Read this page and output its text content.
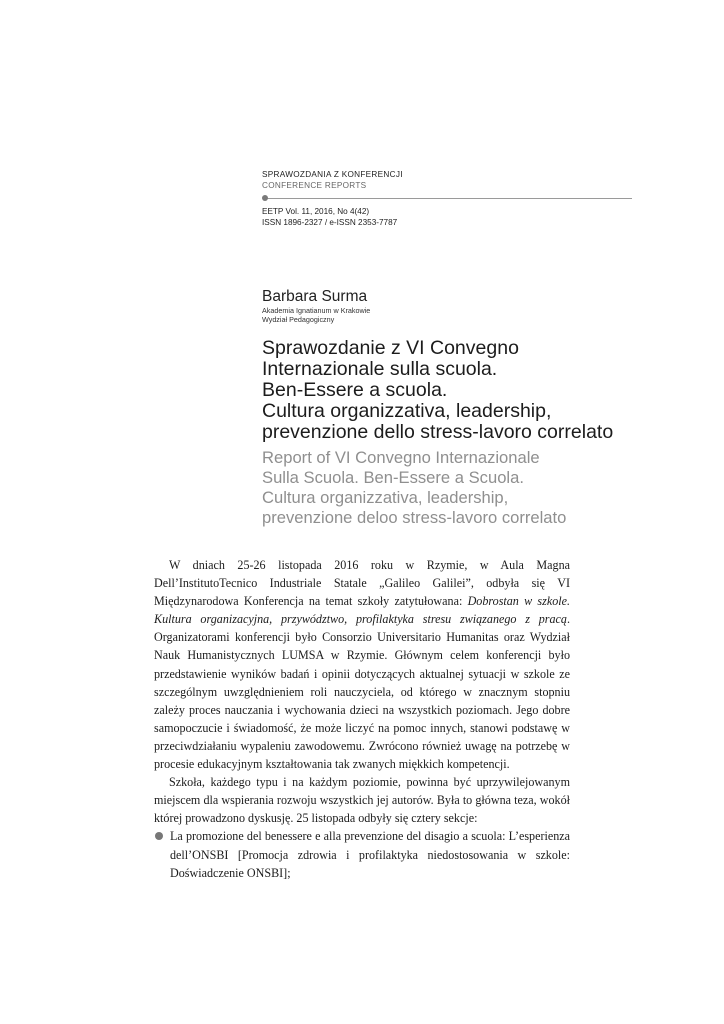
SPRAWOZDANIA Z KONFERENCJI
CONFERENCE REPORTS
EETP Vol. 11, 2016, No 4(42)
ISSN 1896-2327 / e-ISSN 2353-7787
Barbara Surma
Akademia Ignatianum w Krakowie
Wydział Pedagogiczny
Sprawozdanie z VI Convegno
Internazionale sulla scuola.
Ben-Essere a scuola.
Cultura organizzativa, leadership,
prevenzione dello stress-lavoro correlato
Report of VI Convegno Internazionale
Sulla Scuola. Ben-Essere a Scuola.
Cultura organizzativa, leadership,
prevenzione deloo stress-lavoro correlato

W dniach 25-26 listopada 2016 roku w Rzymie, w Aula Magna Dell’InstitutoTecnico Industriale Statale „Galileo Galilei”, odbyła się VI Międzynarodowa Konferencja na temat szkoły zatytułowana: Dobrostan w szkole. Kultura organizacyjna, przywództwo, profilaktyka stresu związanego z pracą. Organizatorami konferencji było Consorzio Universitario Humanitas oraz Wydział Nauk Humanistycznych LUMSA w Rzymie. Głównym celem konferencji było przedstawienie wyników badań i opinii dotyczących aktualnej sytuacji w szkole ze szczególnym uwzględnieniem roli nauczyciela, od którego w znacznym stopniu zależy proces nauczania i wychowania dzieci na wszystkich poziomach. Jego dobre samopoczucie i świadomość, że może liczyć na pomoc innych, stanowi podstawę w przeciwdziałaniu wypaleniu zawodowemu. Zwrócono również uwagę na potrzebę w procesie edukacyjnym kształtowania tak zwanych miękkich kompetencji.

Szkoła, każdego typu i na każdym poziomie, powinna być uprzywilejowanym miejscem dla wspierania rozwoju wszystkich jej autorów. Była to główna teza, wokół której prowadzono dyskusję. 25 listopada odbyły się cztery sekcje:

La promozione del benessere e alla prevenzione del disagio a scuola: L’esperienza dell’ONSBI [Promocja zdrowia i profilaktyka niedostosowania w szkole: Doświadczenie ONSBI];
